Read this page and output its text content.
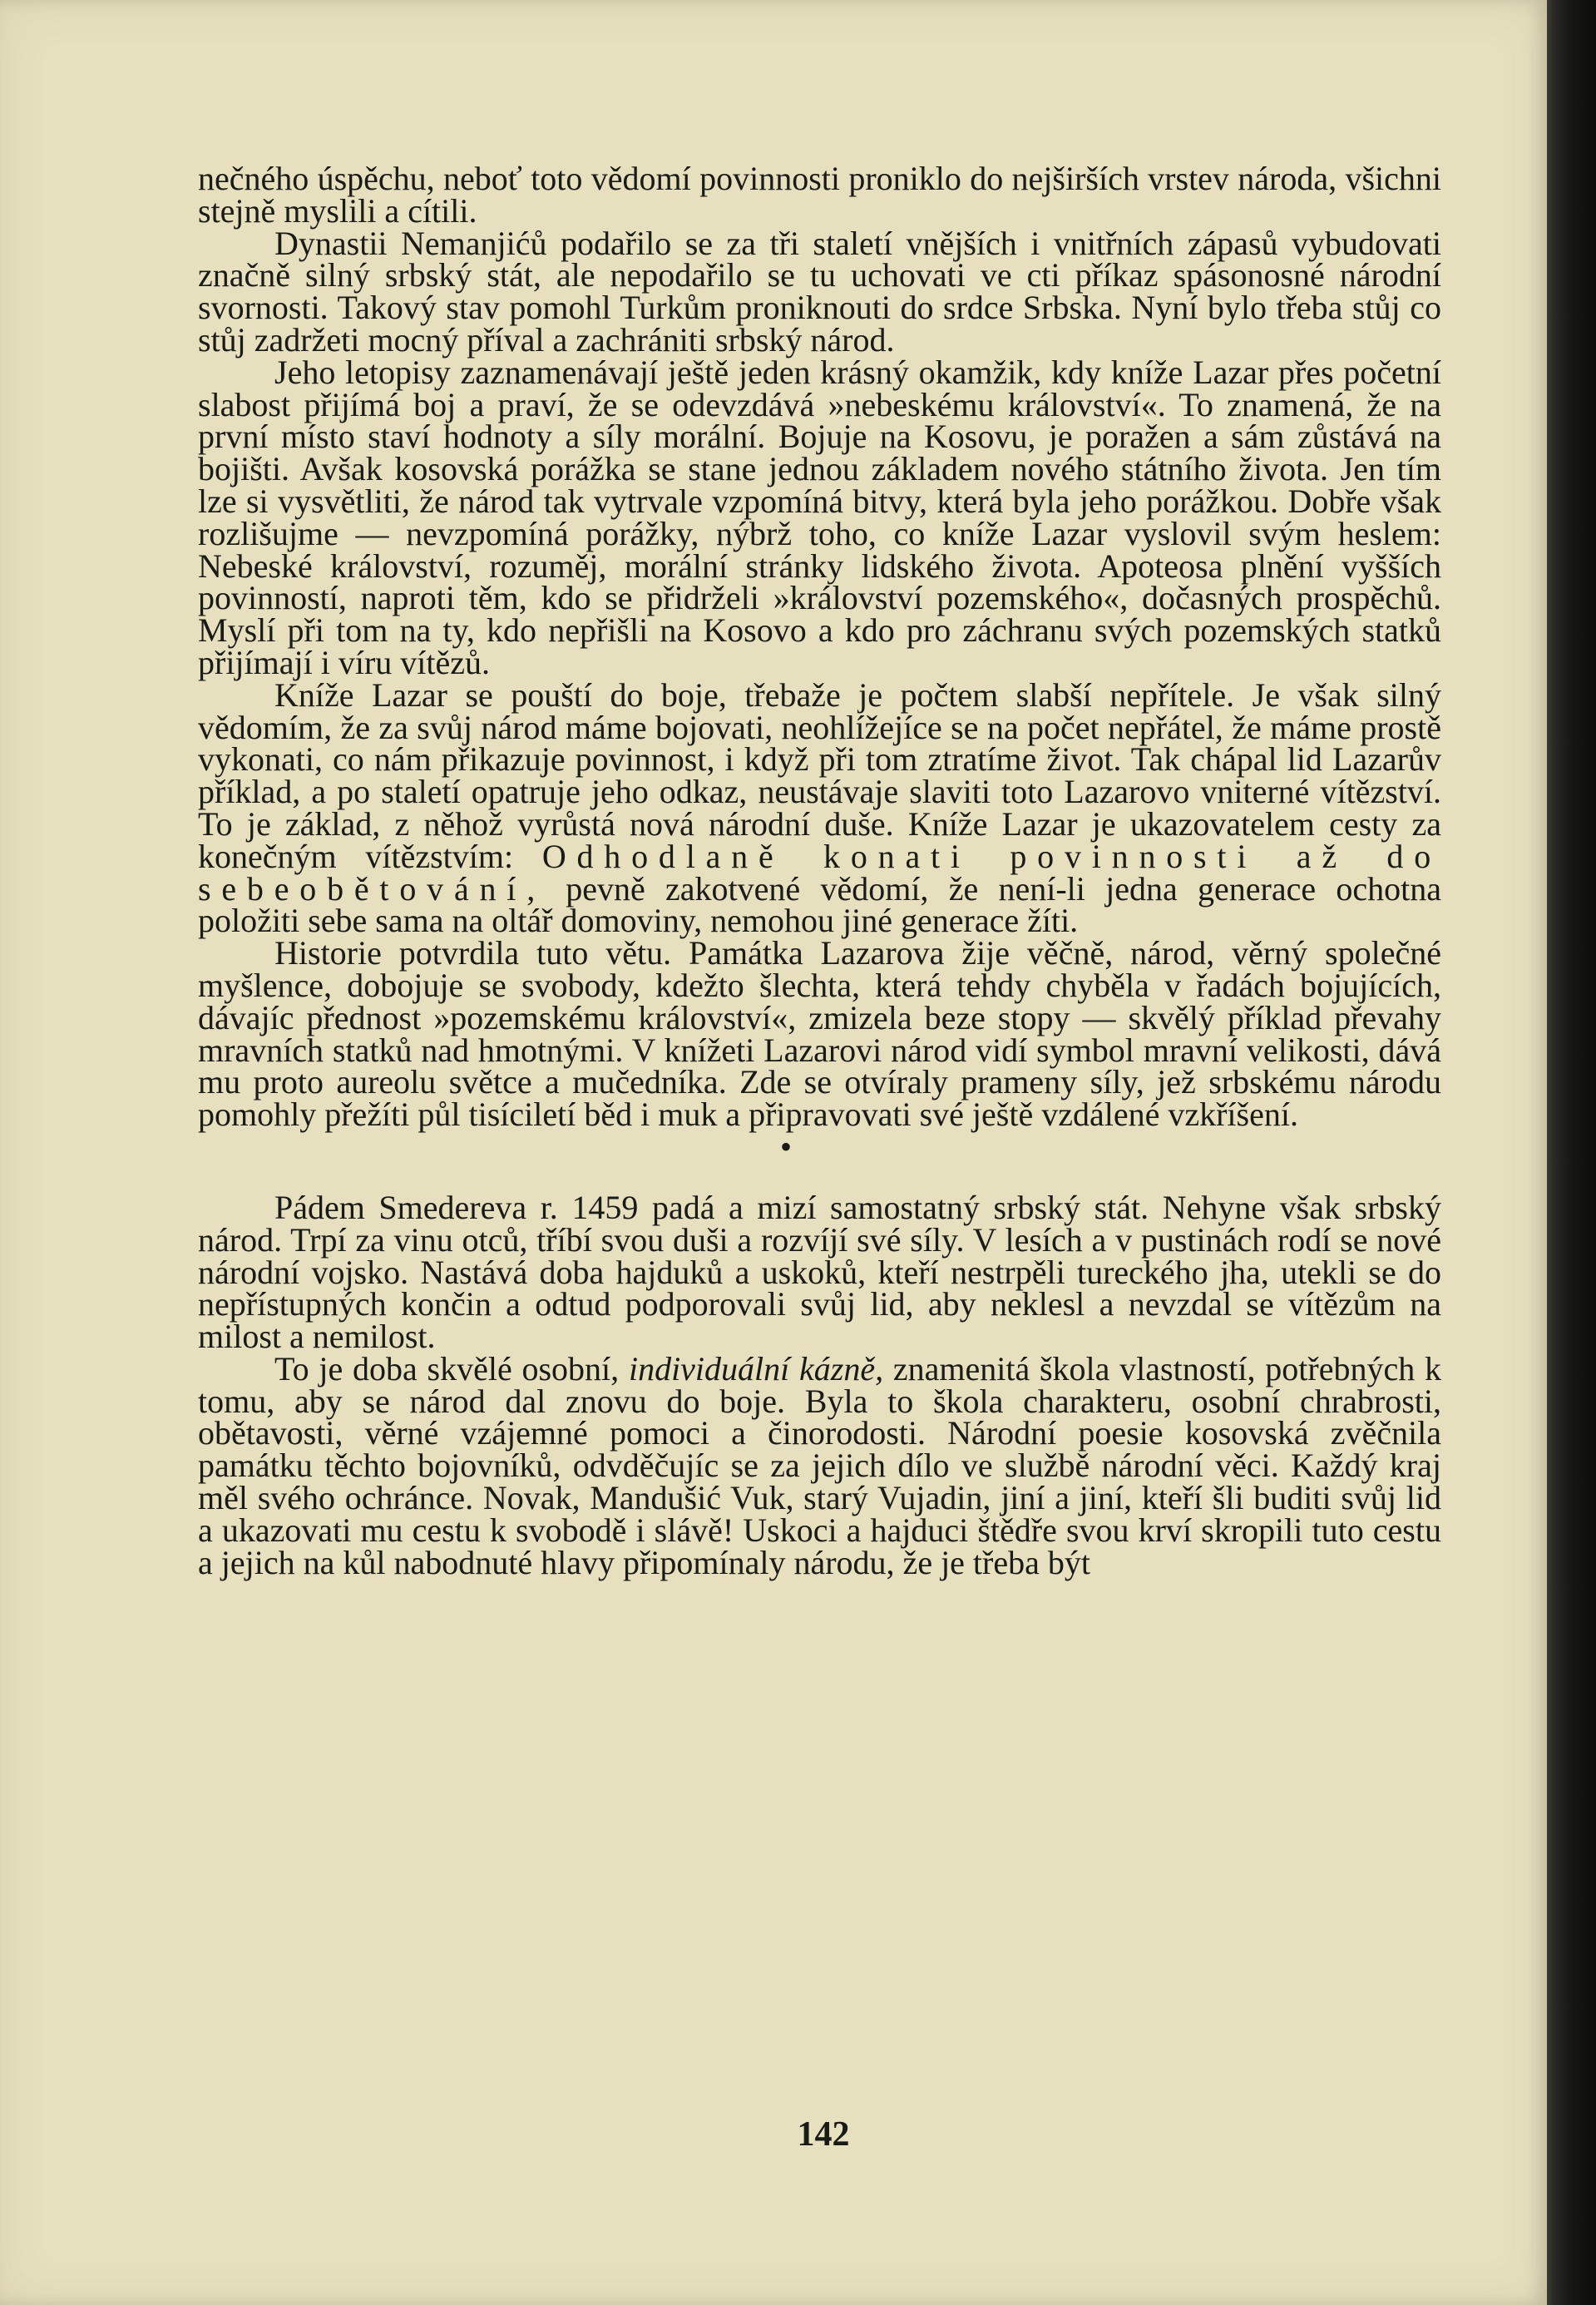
nečného úspěchu, neboť toto vědomí povinnosti proniklo do nejširších vrstev národa, všichni stejně myslili a cítili.

Dynastii Nemanjićů podařilo se za tři staletí vnějších i vnitřních zápasů vybudovati značně silný srbský stát, ale nepodařilo se tu uchovati ve cti příkaz spásonosné národní svornosti. Takový stav pomohl Turkům proniknouti do srdce Srbska. Nyní bylo třeba stůj co stůj zadržeti mocný příval a zachrániti srbský národ.

Jeho letopisy zaznamenávají ještě jeden krásný okamžik, kdy kníže Lazar přes početní slabost přijímá boj a praví, že se odevzdává »nebeskému království«. To znamená, že na první místo staví hodnoty a síly morální. Bojuje na Kosovu, je poražen a sám zůstává na bojišti. Avšak kosovská porážka se stane jednou základem nového státního života. Jen tím lze si vysvětliti, že národ tak vytrvale vzpomíná bitvy, která byla jeho porážkou. Dobře však rozlišujme — nevzpomíná porážky, nýbrž toho, co kníže Lazar vyslovil svým heslem: Nebeské království, rozuměj, morální stránky lidského života. Apoteosa plnění vyšších povinností, naproti těm, kdo se přidrželi »království pozemského«, dočasných prospěchů. Myslí při tom na ty, kdo nepřišli na Kosovo a kdo pro záchranu svých pozemských statků přijímají i víru vítězů.

Kníže Lazar se pouští do boje, třebaže je počtem slabší nepřítele. Je však silný vědomím, že za svůj národ máme bojovati, neohlížejíce se na počet nepřátel, že máme prostě vykonati, co nám přikazuje povinnost, i když při tom ztratíme život. Tak chápal lid Lazarův příklad, a po staletí opatruje jeho odkaz, neustávaje slaviti toto Lazarovo vniterné vítězství. To je základ, z něhož vyrůstá nová národní duše. Kníže Lazar je ukazovatelem cesty za konečným vítězstvím: Odhodlaně konati povinnosti až do sebeobětování, pevně zakotvené vědomí, že není-li jedna generace ochotna položiti sebe sama na oltář domoviny, nemohou jiné generace žíti.

Historie potvrdila tuto větu. Památka Lazarova žije věčně, národ, věrný společné myšlence, dobojuje se svobody, kdežto šlechta, která tehdy chyběla v řadách bojujících, dávajíc přednost »pozemskému království«, zmizela beze stopy — skvělý příklad převahy mravních statků nad hmotnými. V knížeti Lazarovi národ vidí symbol mravní velikosti, dává mu proto aureolu světce a mučedníka. Zde se otvíraly prameny síly, jež srbskému národu pomohly přežíti půl tisíciletí běd i muk a připravovati své ještě vzdálené vzkříšení.

•

Pádem Smedereva r. 1459 padá a mizí samostatný srbský stát. Nehyne však srbský národ. Trpí za vinu otců, tříbí svou duši a rozvíjí své síly. V lesích a v pustinách rodí se nové národní vojsko. Nastává doba hajduků a uskoků, kteří nestrpěli tureckého jha, utekli se do nepřístupných končin a odtud podporovali svůj lid, aby neklesl a nevzdal se vítězům na milost a nemilost.

To je doba skvělé osobní, individuální kázně, znamenitá škola vlastností, potřebných k tomu, aby se národ dal znovu do boje. Byla to škola charakteru, osobní chrabrosti, obětavosti, věrné vzájemné pomoci a činorodosti. Národní poesie kosovská zvěčnila památku těchto bojovníků, odvděčujíc se za jejich dílo ve službě národní věci. Každý kraj měl svého ochránce. Novak, Mandušić Vuk, starý Vujadin, jiní a jiní, kteří šli buditi svůj lid a ukazovati mu cestu k svobodě i slávě! Uskoci a hajduci štědře svou krví skropili tuto cestu a jejich na kůl nabodnuté hlavy připomínaly národu, že je třeba být

142
